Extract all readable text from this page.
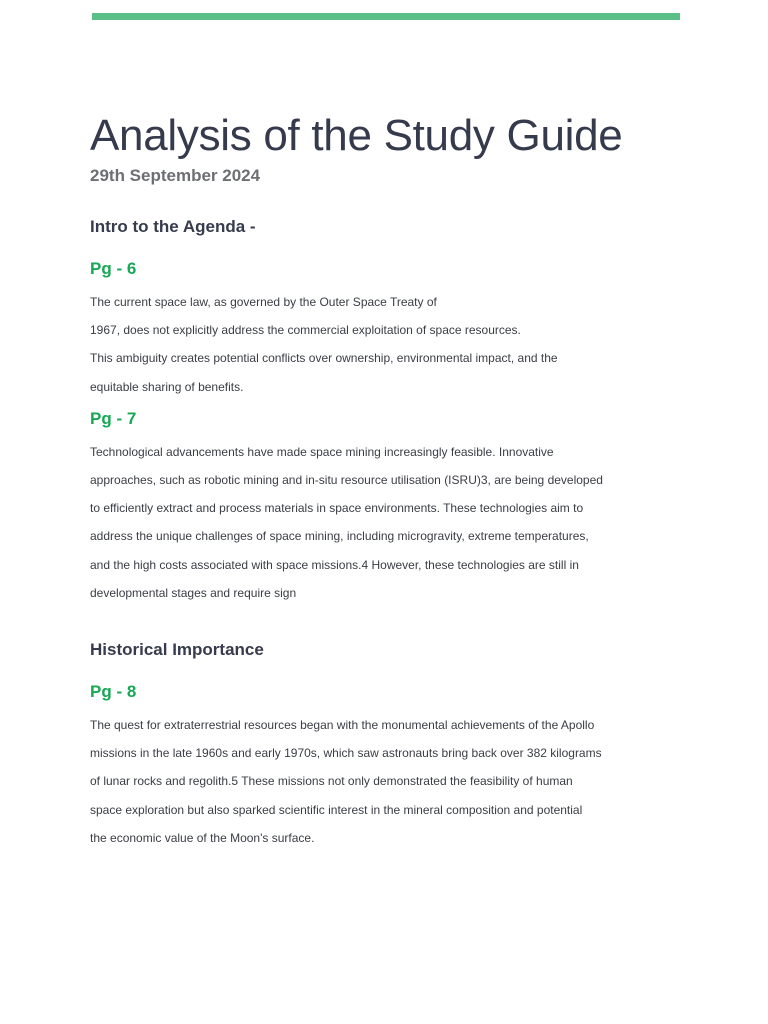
Analysis of the Study Guide
29th September 2024
Intro to the Agenda -
Pg - 6

The current space law, as governed by the Outer Space Treaty of
1967, does not explicitly address the commercial exploitation of space resources.
This ambiguity creates potential conflicts over ownership, environmental impact, and the
equitable sharing of benefits.

Pg - 7

Technological advancements have made space mining increasingly feasible. Innovative
approaches, such as robotic mining and in-situ resource utilisation (ISRU)3, are being developed
to efficiently extract and process materials in space environments. These technologies aim to
address the unique challenges of space mining, including microgravity, extreme temperatures,
and the high costs associated with space missions.4 However, these technologies are still in
developmental stages and require sign

Historical Importance
Pg - 8

The quest for extraterrestrial resources began with the monumental achievements of the Apollo
missions in the late 1960s and early 1970s, which saw astronauts bring back over 382 kilograms
of lunar rocks and regolith.5 These missions not only demonstrated the feasibility of human
space exploration but also sparked scientific interest in the mineral composition and potential
the economic value of the Moon's surface.
